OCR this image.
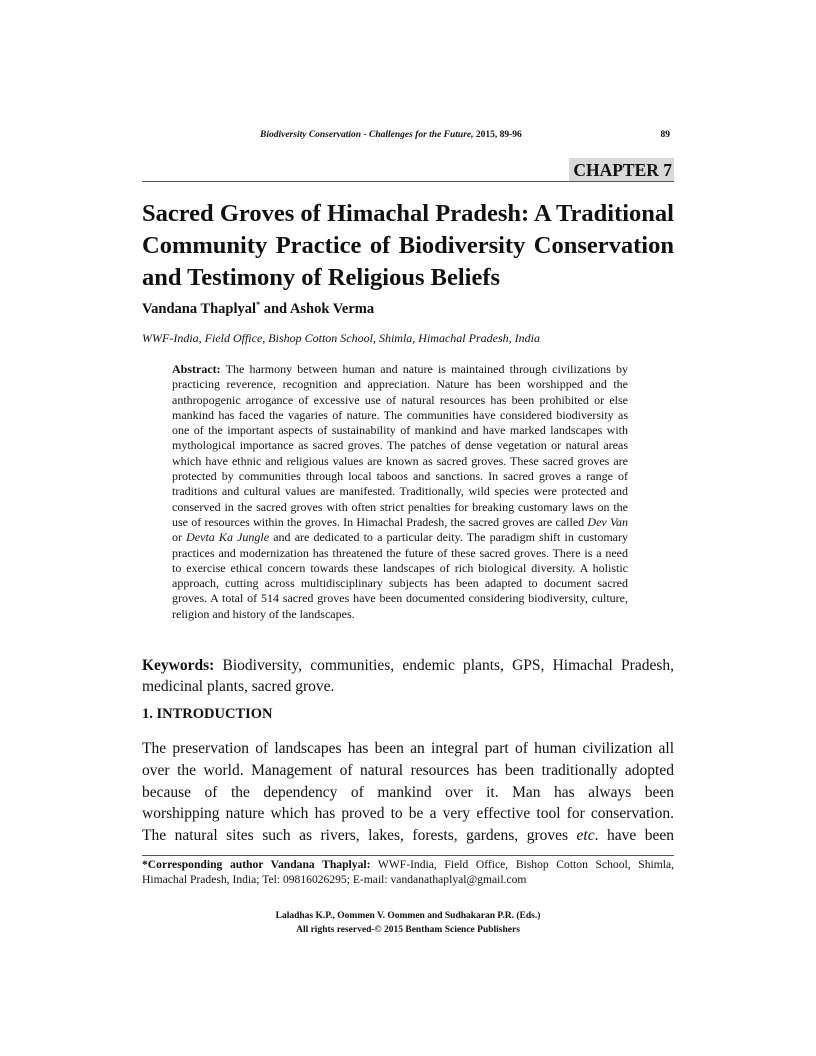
Biodiversity Conservation - Challenges for the Future, 2015, 89-96	89
CHAPTER 7
Sacred Groves of Himachal Pradesh: A Traditional
Community Practice of Biodiversity Conservation
and Testimony of Religious Beliefs
Vandana Thaplyal* and Ashok Verma
WWF-India, Field Office, Bishop Cotton School, Shimla, Himachal Pradesh, India
Abstract: The harmony between human and nature is maintained through civilizations by practicing reverence, recognition and appreciation. Nature has been worshipped and the anthropogenic arrogance of excessive use of natural resources has been prohibited or else mankind has faced the vagaries of nature. The communities have considered biodiversity as one of the important aspects of sustainability of mankind and have marked landscapes with mythological importance as sacred groves. The patches of dense vegetation or natural areas which have ethnic and religious values are known as sacred groves. These sacred groves are protected by communities through local taboos and sanctions. In sacred groves a range of traditions and cultural values are manifested. Traditionally, wild species were protected and conserved in the sacred groves with often strict penalties for breaking customary laws on the use of resources within the groves. In Himachal Pradesh, the sacred groves are called Dev Van or Devta Ka Jungle and are dedicated to a particular deity. The paradigm shift in customary practices and modernization has threatened the future of these sacred groves. There is a need to exercise ethical concern towards these landscapes of rich biological diversity. A holistic approach, cutting across multidisciplinary subjects has been adapted to document sacred groves. A total of 514 sacred groves have been documented considering biodiversity, culture, religion and history of the landscapes.
Keywords: Biodiversity, communities, endemic plants, GPS, Himachal Pradesh, medicinal plants, sacred grove.
1. INTRODUCTION
The preservation of landscapes has been an integral part of human civilization all
over the world. Management of natural resources has been traditionally adopted
because of the dependency of mankind over it. Man has always been
worshipping nature which has proved to be a very effective tool for conservation.
The natural sites such as rivers, lakes, forests, gardens, groves etc. have been
*Corresponding author Vandana Thaplyal: WWF-India, Field Office, Bishop Cotton School, Shimla, Himachal Pradesh, India; Tel: 09816026295; E-mail: vandanathaplyal@gmail.com
Laladhas K.P., Oommen V. Oommen and Sudhakaran P.R. (Eds.)
All rights reserved-© 2015 Bentham Science Publishers
